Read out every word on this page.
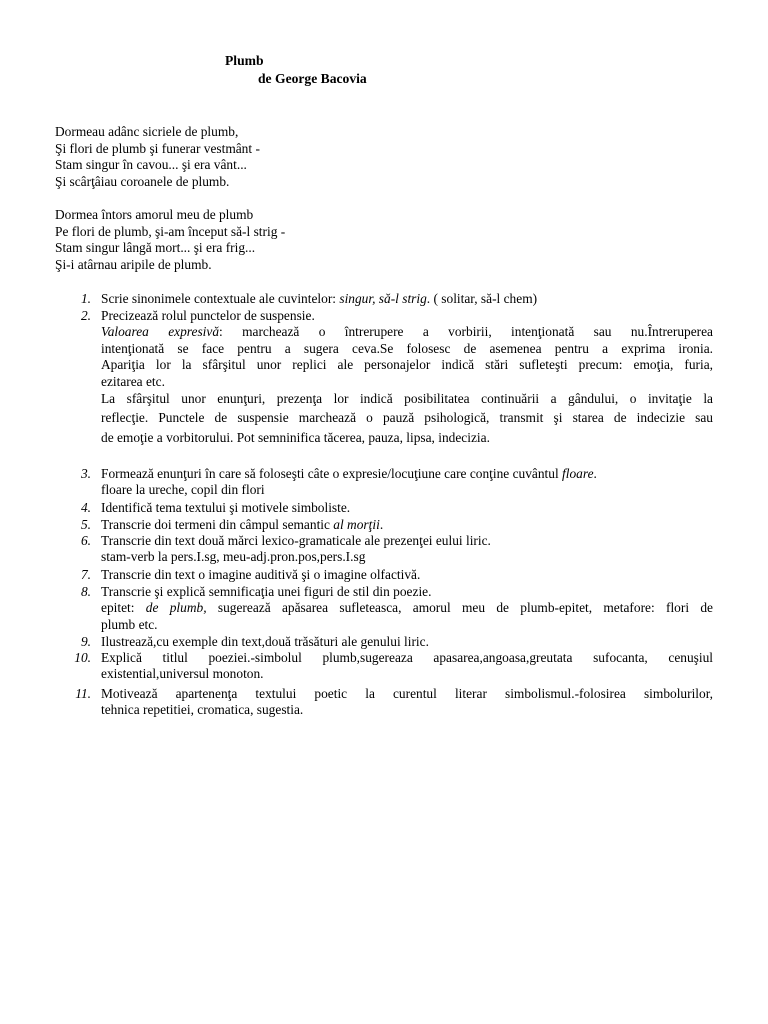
Plumb
de George Bacovia
Dormeau adânc sicriele de plumb,
Şi flori de plumb şi funerar vestmânt -
Stam singur în cavou... şi era vânt...
Şi scârţâiau coroanele de plumb.
Dormea întors amorul meu de plumb
Pe flori de plumb, şi-am început să-l strig -
Stam singur lângă mort... şi era frig...
Şi-i atârnau aripile de plumb.
1. Scrie sinonimele contextuale ale cuvintelor: singur, să-l strig. ( solitar, să-l chem)
2. Precizează rolul punctelor de suspensie.
Valoarea expresivă: marchează o întrerupere a vorbirii, intenţionată sau nu.Întreruperea
intenţionată se face pentru a sugera ceva.Se folosesc de asemenea pentru a exprima ironia.
Apariţia lor la sfârşitul unor replici ale personajelor indică stări sufleteşti precum: emoţia, furia,
ezitarea etc.
La sfârşitul unor enunţuri, prezenţa lor indică posibilitatea continuării a gândului, o invitaţie la
reflecţie. Punctele de suspensie marchează o pauză psihologică, transmit şi starea de indecizie sau
de emoţie a vorbitorului. Pot semninifica tăcerea, pauza, lipsa, indecizia.
3. Formează enunţuri în care să foloseşti câte o expresie/locuţiune care conţine cuvântul floare.
floare la ureche, copil din flori
4. Identifică tema textului şi motivele simboliste.
5. Transcrie doi termeni din câmpul semantic al morţii.
6. Transcrie din text două mărci lexico-gramaticale ale prezenţei eului liric.
stam-verb la pers.I.sg, meu-adj.pron.pos,pers.I.sg
7. Transcrie din text o imagine auditivă şi o imagine olfactivă.
8. Transcrie şi explică semnificaţia unei figuri de stil din poezie.
epitet: de plumb, sugerează apăsarea sufleteasca, amorul meu de plumb-epitet, metafore: flori de
plumb etc.
9. Ilustrează,cu exemple din text,două trăsături ale genului liric.
10. Explică titlul poeziei.-simbolul plumb,sugereaza apasarea,angoasa,greutata sufocanta, cenuşiul
existential,universul monoton.
11. Motivează apartenenţa textului poetic la curentul literar simbolismul.-folosirea simbolurilor,
tehnica repetitiei, cromatica, sugestia.
